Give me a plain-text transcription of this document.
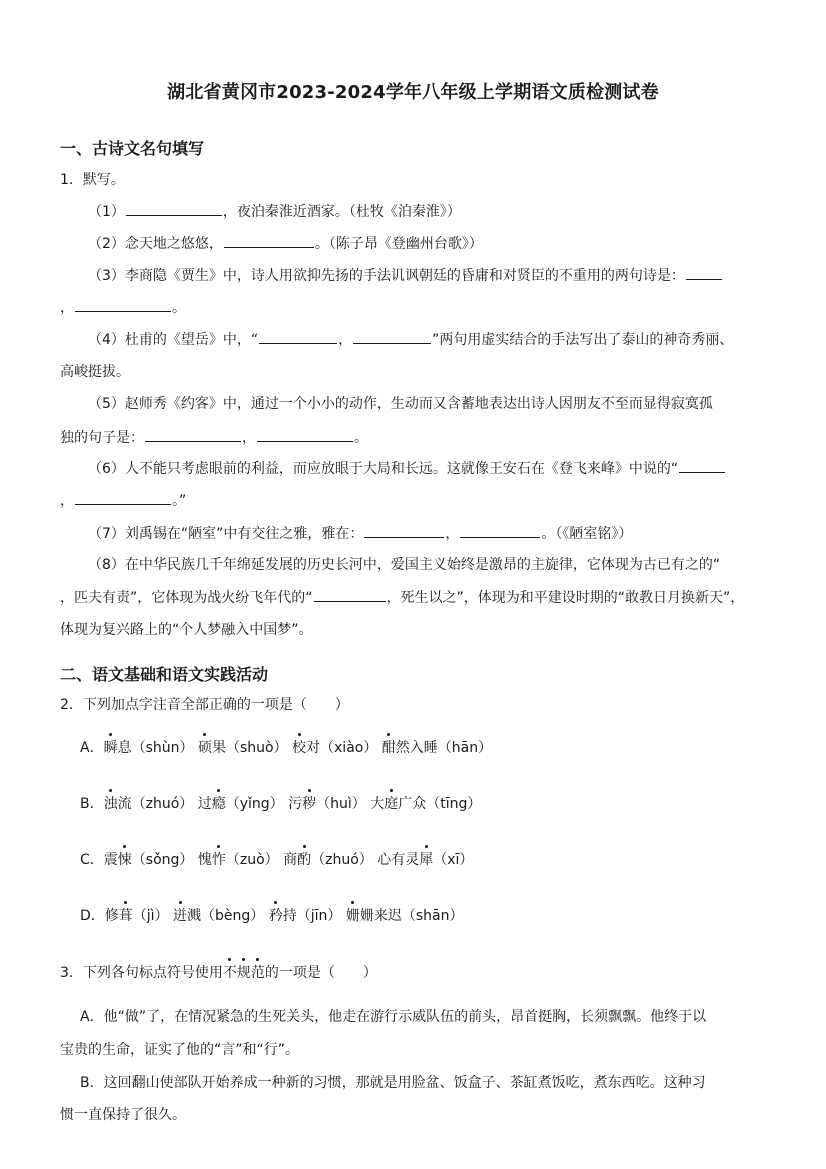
湖北省黄冈市2023-2024学年八年级上学期语文质检测试卷
一、古诗文名句填写
1．默写。
（1）	，夜泊秦淮近酒家。（杜牧《泊秦淮》）
（2）念天地之悠悠，	。（陈子昂《登幽州台歌》）
（3）李商隐《贾生》中，诗人用欲抑先扬的手法讥讽朝廷的昏庸和对贤臣的不重用的两句诗是：
，	。
（4）杜甫的《望岳》中，“	，	”两句用虚实结合的手法写出了泰山的神奇秀丽、
高峻挺拔。
（5）赵师秀《约客》中，通过一个小小的动作，生动而又含蓄地表达出诗人因朋友不至而显得寂寞孤
独的句子是：	，	。
（6）人不能只考虑眼前的利益，而应放眼于大局和长远。这就像王安石在《登飞来峰》中说的“
，	。”
（7）刘禹锡在“陋室”中有交往之雅，雅在：	，	。（《陋室铭》）
（8）在中华民族几千年绵延发展的历史长河中，爱国主义始终是激昂的主旋律，它体现为古已有之的“
，匹夫有责”，它体现为战火纷飞年代的“	，死生以之”，体现为和平建设时期的“敢教日月换新天”，
体现为复兴路上的“个人梦融入中国梦”。
二、语文基础和语文实践活动
2．下列加点字注音全部正确的一项是（　　）
A．瞬息（shùn） 硕果（shuò） 校对（xiào） 酣然入睡（hān）
B．浊流（zhuó） 过瘾（yǐng） 污秽（huì） 大庭广众（tīng）
C．震悚（sǒng） 愧怍（zuò） 商酌（zhuó） 心有灵犀（xī）
D．修葺（jì） 迸溅（bèng） 矜持（jīn） 姗姗来迟（shān）
3．下列各句标点符号使用不规范
的一项是（　　）
A．他“做”了，在情况紧急的生死关头，他走在游行示威队伍的前头，昂首挺胸，长须飘飘。他终于以
宝贵的生命，证实了他的“言”和“行”。
B．这回翻山使部队开始养成一种新的习惯，那就是用脸盆、饭盒子、茶缸煮饭吃，煮东西吃。这种习
惯一直保持了很久。
